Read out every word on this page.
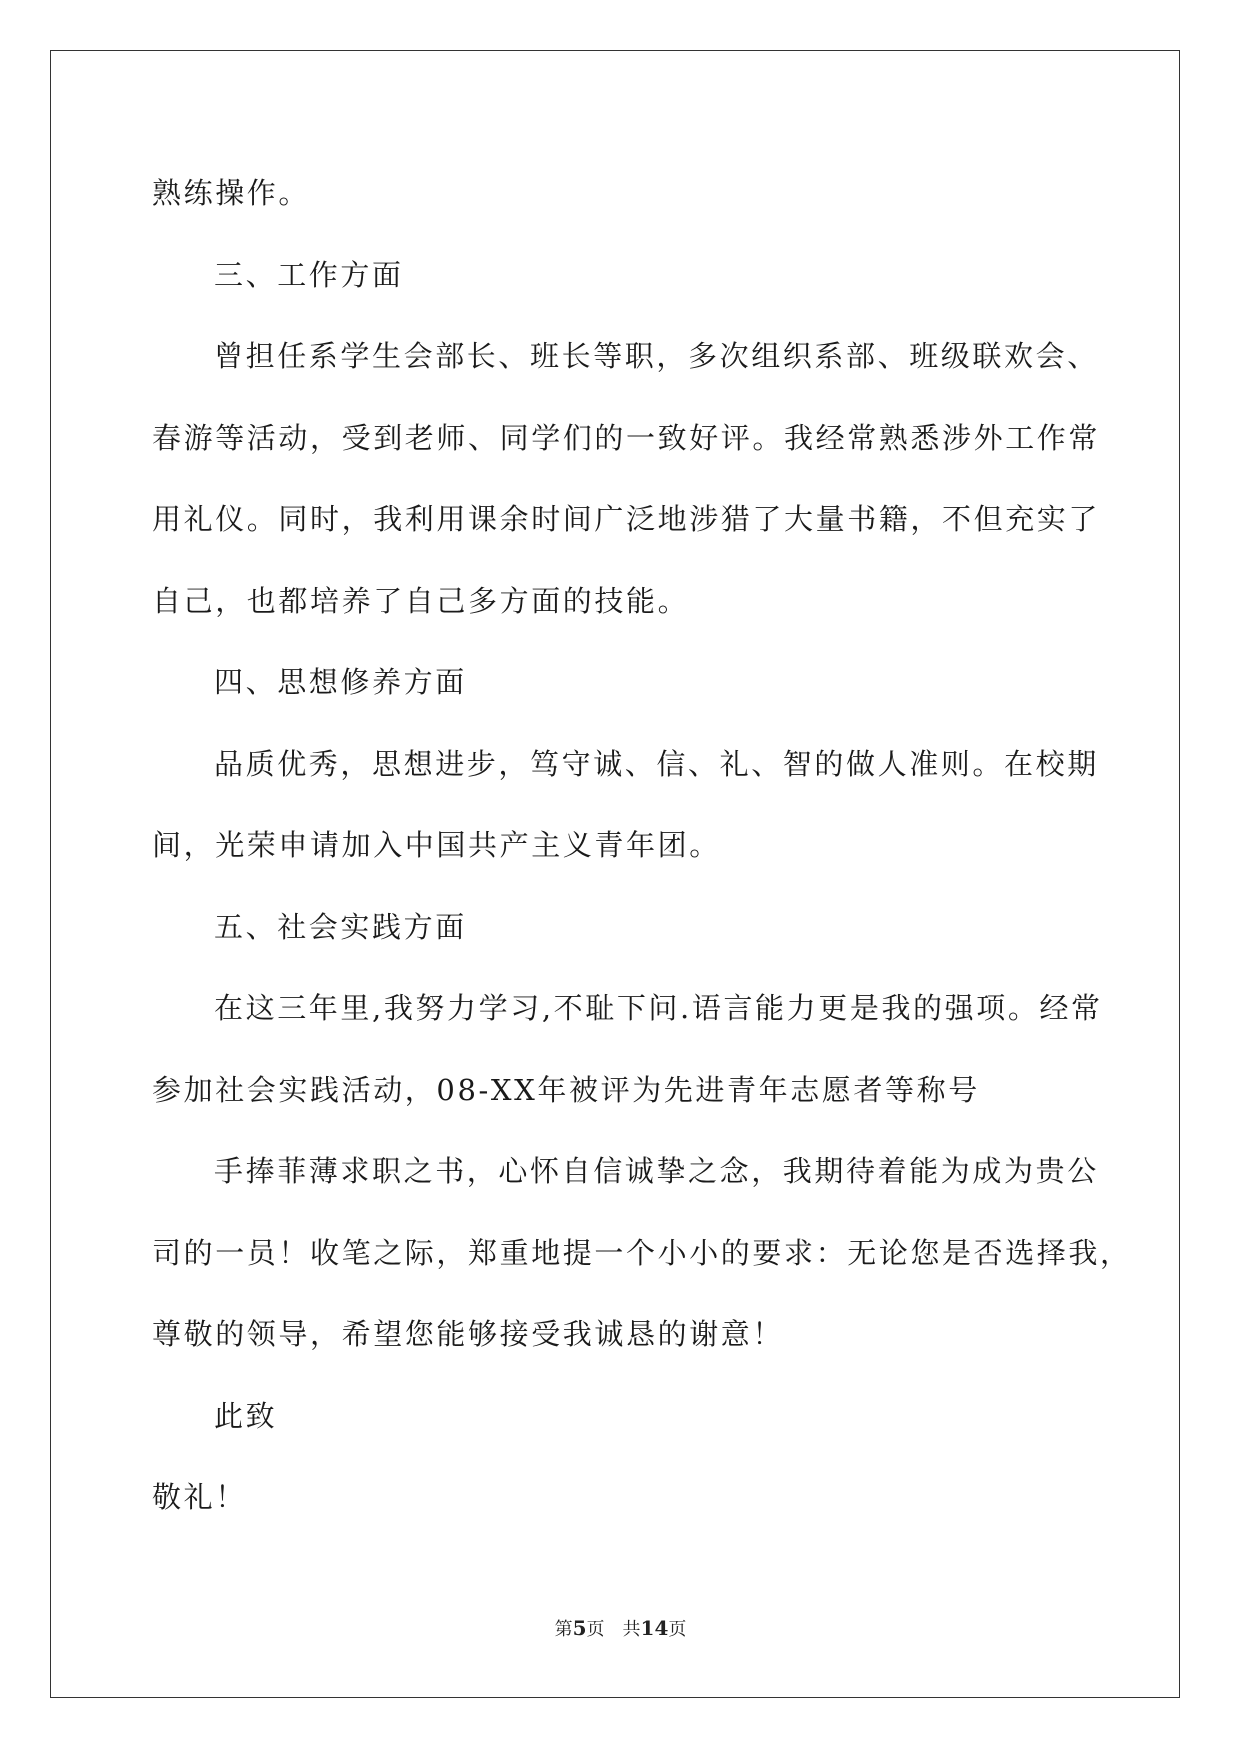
熟练操作。
三、工作方面
曾担任系学生会部长、班长等职，多次组织系部、班级联欢会、
春游等活动，受到老师、同学们的一致好评。我经常熟悉涉外工作常
用礼仪。同时，我利用课余时间广泛地涉猎了大量书籍，不但充实了
自己，也都培养了自己多方面的技能。
四、思想修养方面
品质优秀，思想进步，笃守诚、信、礼、智的做人准则。在校期
间，光荣申请加入中国共产主义青年团。
五、社会实践方面
在这三年里,我努力学习,不耻下问.语言能力更是我的强项。经常
参加社会实践活动，08-XX年被评为先进青年志愿者等称号
手捧菲薄求职之书，心怀自信诚挚之念，我期待着能为成为贵公
司的一员！收笔之际，郑重地提一个小小的要求：无论您是否选择我，
尊敬的领导，希望您能够接受我诚恳的谢意！
此致
敬礼！
第5页 共14页
